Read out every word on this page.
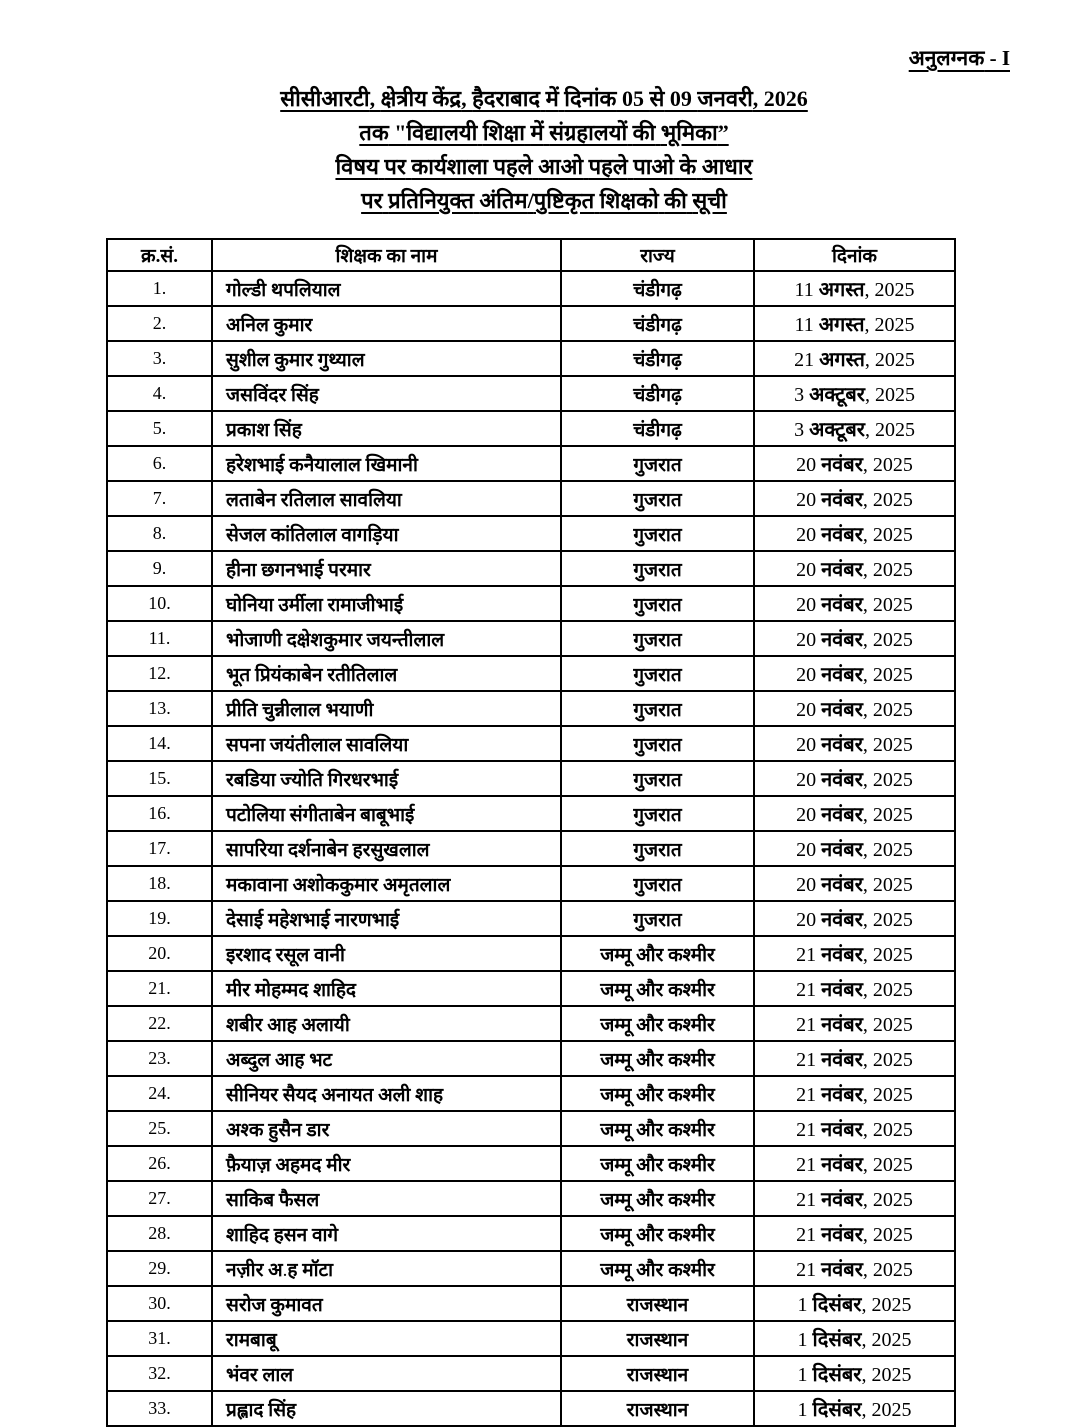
अनुलग्नक - I
सीसीआरटी, क्षेत्रीय केंद्र, हैदराबाद में दिनांक 05 से 09 जनवरी, 2026
तक "विद्यालयी शिक्षा में संग्रहालयों की भूमिका”
विषय पर कार्यशाला पहले आओ पहले पाओ के आधार
पर प्रतिनियुक्त अंतिम/पुष्टिकृत शिक्षको की सूची
क्र.सं.	शिक्षक का नाम	राज्य	दिनांक
1.	गोल्डी थपलियाल	चंडीगढ़	11 अगस्त, 2025
2.	अनिल कुमार	चंडीगढ़	11 अगस्त, 2025
3.	सुशील कुमार गुथ्याल	चंडीगढ़	21 अगस्त, 2025
4.	जसविंदर सिंह	चंडीगढ़	3 अक्टूबर, 2025
5.	प्रकाश सिंह	चंडीगढ़	3 अक्टूबर, 2025
6.	हरेशभाई कनैयालाल खिमानी	गुजरात	20 नवंबर, 2025
7.	लताबेन रतिलाल सावलिया	गुजरात	20 नवंबर, 2025
8.	सेजल कांतिलाल वागड़िया	गुजरात	20 नवंबर, 2025
9.	हीना छगनभाई परमार	गुजरात	20 नवंबर, 2025
10.	घोनिया उर्मीला रामाजीभाई	गुजरात	20 नवंबर, 2025
11.	भोजाणी दक्षेशकुमार जयन्तीलाल	गुजरात	20 नवंबर, 2025
12.	भूत प्रियंकाबेन रतीतिलाल	गुजरात	20 नवंबर, 2025
13.	प्रीति चुन्नीलाल भयाणी	गुजरात	20 नवंबर, 2025
14.	सपना जयंतीलाल सावलिया	गुजरात	20 नवंबर, 2025
15.	रबडिया ज्योति गिरधरभाई	गुजरात	20 नवंबर, 2025
16.	पटोलिया संगीताबेन बाबूभाई	गुजरात	20 नवंबर, 2025
17.	सापरिया दर्शनाबेन हरसुखलाल	गुजरात	20 नवंबर, 2025
18.	मकावाना अशोककुमार अमृतलाल	गुजरात	20 नवंबर, 2025
19.	देसाई महेशभाई नारणभाई	गुजरात	20 नवंबर, 2025
20.	इरशाद रसूल वानी	जम्मू और कश्मीर	21 नवंबर, 2025
21.	मीर मोहम्मद शाहिद	जम्मू और कश्मीर	21 नवंबर, 2025
22.	शबीर आह अलायी	जम्मू और कश्मीर	21 नवंबर, 2025
23.	अब्दुल आह भट	जम्मू और कश्मीर	21 नवंबर, 2025
24.	सीनियर सैयद अनायत अली शाह	जम्मू और कश्मीर	21 नवंबर, 2025
25.	अश्क हुसैन डार	जम्मू और कश्मीर	21 नवंबर, 2025
26.	फ़ैयाज़ अहमद मीर	जम्मू और कश्मीर	21 नवंबर, 2025
27.	साकिब फैसल	जम्मू और कश्मीर	21 नवंबर, 2025
28.	शाहिद हसन वागे	जम्मू और कश्मीर	21 नवंबर, 2025
29.	नज़ीर अ.ह मॉटा	जम्मू और कश्मीर	21 नवंबर, 2025
30.	सरोज कुमावत	राजस्थान	1 दिसंबर, 2025
31.	रामबाबू	राजस्थान	1 दिसंबर, 2025
32.	भंवर लाल	राजस्थान	1 दिसंबर, 2025
33.	प्रह्लाद सिंह	राजस्थान	1 दिसंबर, 2025
